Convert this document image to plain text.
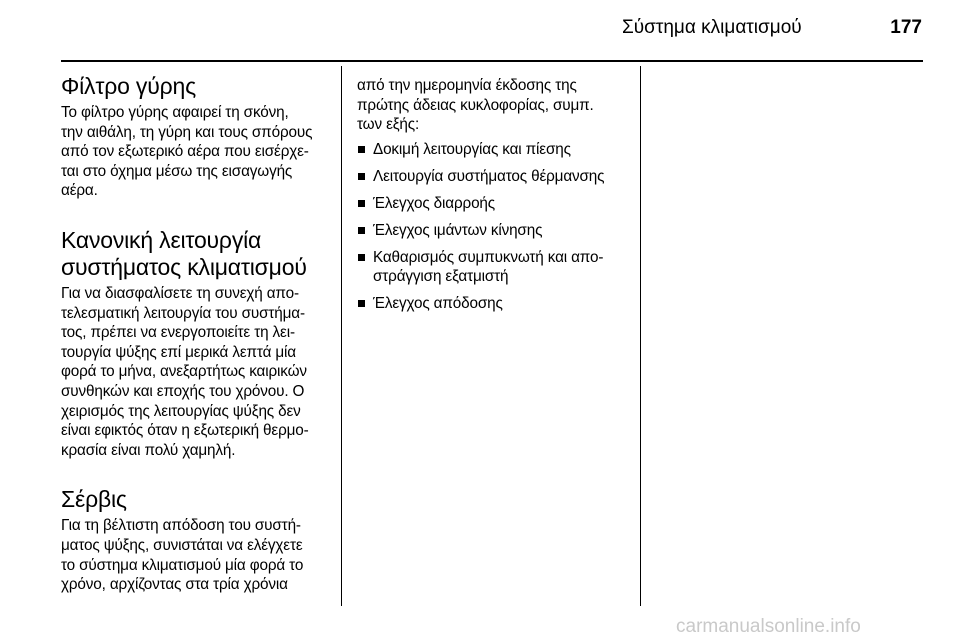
Σύστημα κλιματισμού	177
Φίλτρο γύρης

Το φίλτρο γύρης αφαιρεί τη σκόνη,
την αιθάλη, τη γύρη και τους σπόρους
από τον εξωτερικό αέρα που εισέρχε-
ται στο όχημα μέσω της εισαγωγής
αέρα.

Κανονική λειτουργία
συστήματος κλιματισμού

Για να διασφαλίσετε τη συνεχή απο-
τελεσματική λειτουργία του συστήμα-
τος, πρέπει να ενεργοποιείτε τη λει-
τουργία ψύξης επί μερικά λεπτά μία
φορά το μήνα, ανεξαρτήτως καιρικών
συνθηκών και εποχής του χρόνου. Ο
χειρισμός της λειτουργίας ψύξης δεν
είναι εφικτός όταν η εξωτερική θερμο-
κρασία είναι πολύ χαμηλή.

Σέρβις

Για τη βέλτιστη απόδοση του συστή-
ματος ψύξης, συνιστάται να ελέγχετε
το σύστημα κλιματισμού μία φορά το
χρόνο, αρχίζοντας στα τρία χρόνια

από την ημερομηνία έκδοσης της
πρώτης άδειας κυκλοφορίας, συμπ.
των εξής:

Δοκιμή λειτουργίας και πίεσης
Λειτουργία συστήματος θέρμανσης
Έλεγχος διαρροής
Έλεγχος ιμάντων κίνησης
Καθαρισμός συμπυκνωτή και απο-
στράγγιση εξατμιστή
Έλεγχος απόδοσης
carmanualsonline.info
